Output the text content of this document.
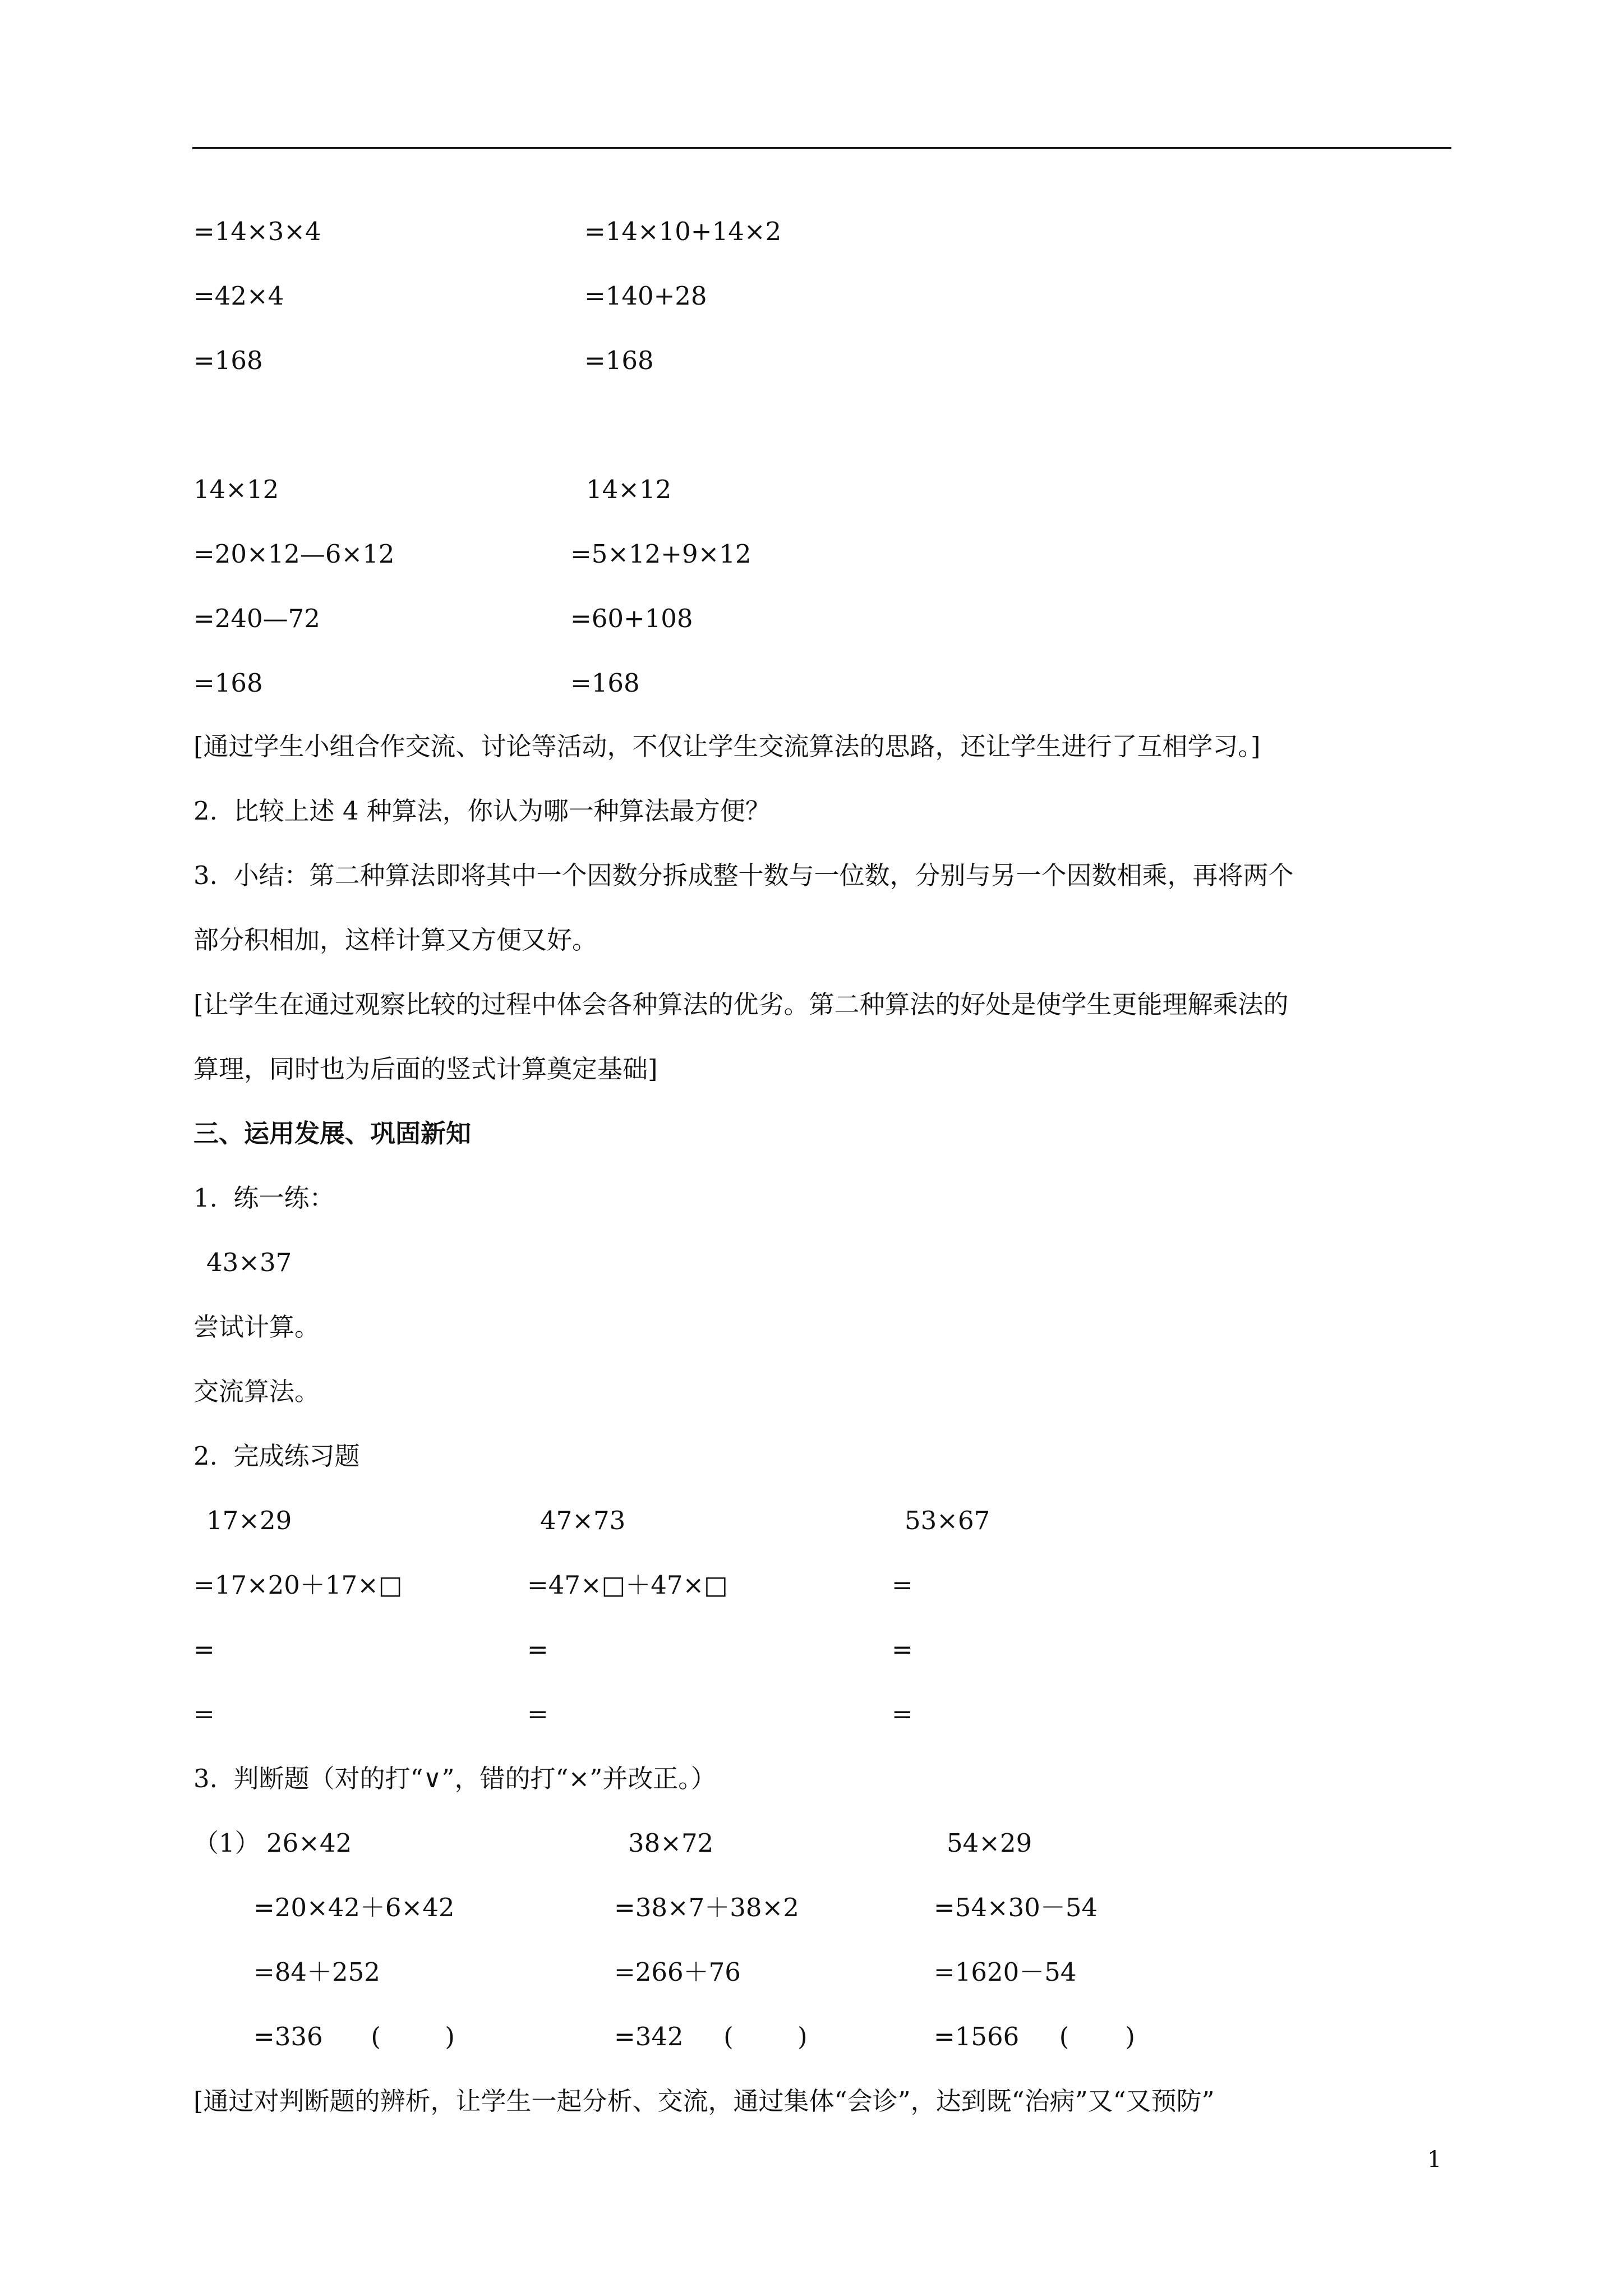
=14×3×4
=42×4
=168
=14×10+14×2
=140+28
=168
14×12
=20×12—6×12
=240—72
=168
14×12
=5×12+9×12
=60+108
=168
[通过学生小组合作交流、讨论等活动，不仅让学生交流算法的思路，还让学生进行了互相学习。]
2.  比较上述 4 种算法，你认为哪一种算法最方便？
3.  小结：第二种算法即将其中一个因数分拆成整十数与一位数，分别与另一个因数相乘，再将两个
部分积相加，这样计算又方便又好。
[让学生在通过观察比较的过程中体会各种算法的优劣。第二种算法的好处是使学生更能理解乘法的
算理，同时也为后面的竖式计算奠定基础]
三、运用发展、巩固新知
1.  练一练：
43×37
尝试计算。
交流算法。
2.  完成练习题
17×29
=17×20＋17×□
=
=
47×73
=47×□＋47×□
=
=
53×67
=
=
=
3.  判断题（对的打“∨”，错的打“×”并改正。）
（1） 26×42
=20×42＋6×42
=84＋252
=336      (        )
38×72
=38×7＋38×2
=266＋76
=342     (        )
54×29
=54×30－54
=1620－54
=1566     (       )
[通过对判断题的辨析，让学生一起分析、交流，通过集体“会诊”，达到既“治病”又“又预防”
1
